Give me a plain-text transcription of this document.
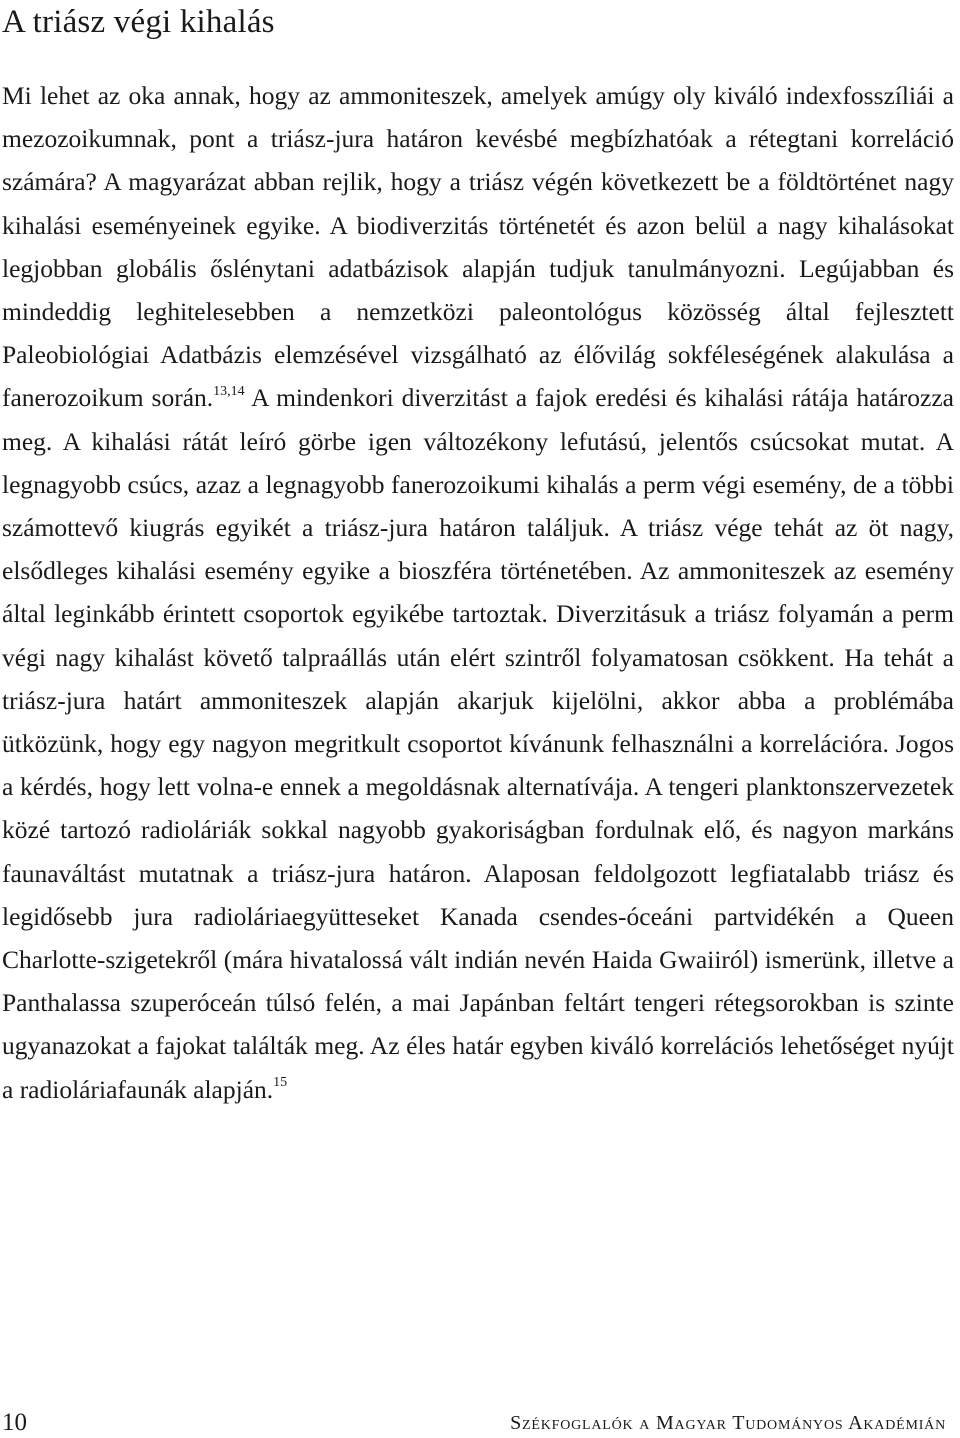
A triász végi kihalás

Mi lehet az oka annak, hogy az ammoniteszek, amelyek amúgy oly kiváló indexfosszíliái a mezozoikumnak, pont a triász-jura határon kevésbé megbízhatóak a rétegtani korreláció számára? A magyarázat abban rejlik, hogy a triász végén következett be a földtörténet nagy kihalási eseményeinek egyike. A biodiverzitás történetét és azon belül a nagy kihalásokat legjobban globális őslénytani adatbázisok alapján tudjuk tanulmányozni. Legújabban és mindeddig leghitelesebben a nemzetközi paleontológus közösség által fejlesztett Paleobiológiai Adatbázis elemzésével vizsgálható az élővilág sokféleségének alakulása a fanerozoikum során.$^{13,14}$ A mindenkori diverzitást a fajok eredési és kihalási rátája határozza meg. A kihalási rátát leíró görbe igen változékony lefutású, jelentős csúcsokat mutat. A legnagyobb csúcs, azaz a legnagyobb fanerozoikumi kihalás a perm végi esemény, de a többi számottevő kiugrás egyikét a triász-jura határon találjuk. A triász vége tehát az öt nagy, elsődleges kihalási esemény egyike a bioszféra történetében. Az ammoniteszek az esemény által leginkább érintett csoportok egyikébe tartoztak. Diverzitásuk a triász folyamán a perm végi nagy kihalást követő talpraállás után elért szintről folyamatosan csökkent. Ha tehát a triász-jura határt ammoniteszek alapján akarjuk kijelölni, akkor abba a problémába ütközünk, hogy egy nagyon megritkult csoportot kívánunk felhasználni a korrelációra. Jogos a kérdés, hogy lett volna-e ennek a megoldásnak alternatívája. A tengeri planktonszervezetek közé tartozó radioláriák sokkal nagyobb gyakoriságban fordulnak elő, és nagyon markáns faunaváltást mutatnak a triász-jura határon. Alaposan feldolgozott legfiatalabb triász és legidősebb jura radioláriaegyütteseket Kanada csendes-óceáni partvidékén a Queen Charlotte-szigetekről (mára hivatalossá vált indián nevén Haida Gwaiiról) ismerünk, illetve a Panthalassa szuperóceán túlsó felén, a mai Japánban feltárt tengeri rétegsorokban is szinte ugyanazokat a fajokat találták meg. Az éles határ egyben kiváló korrelációs lehetőséget nyújt a radioláriafaunák alapján.$^{15}$

10	Székfoglalók a Magyar Tudományos Akadémián
